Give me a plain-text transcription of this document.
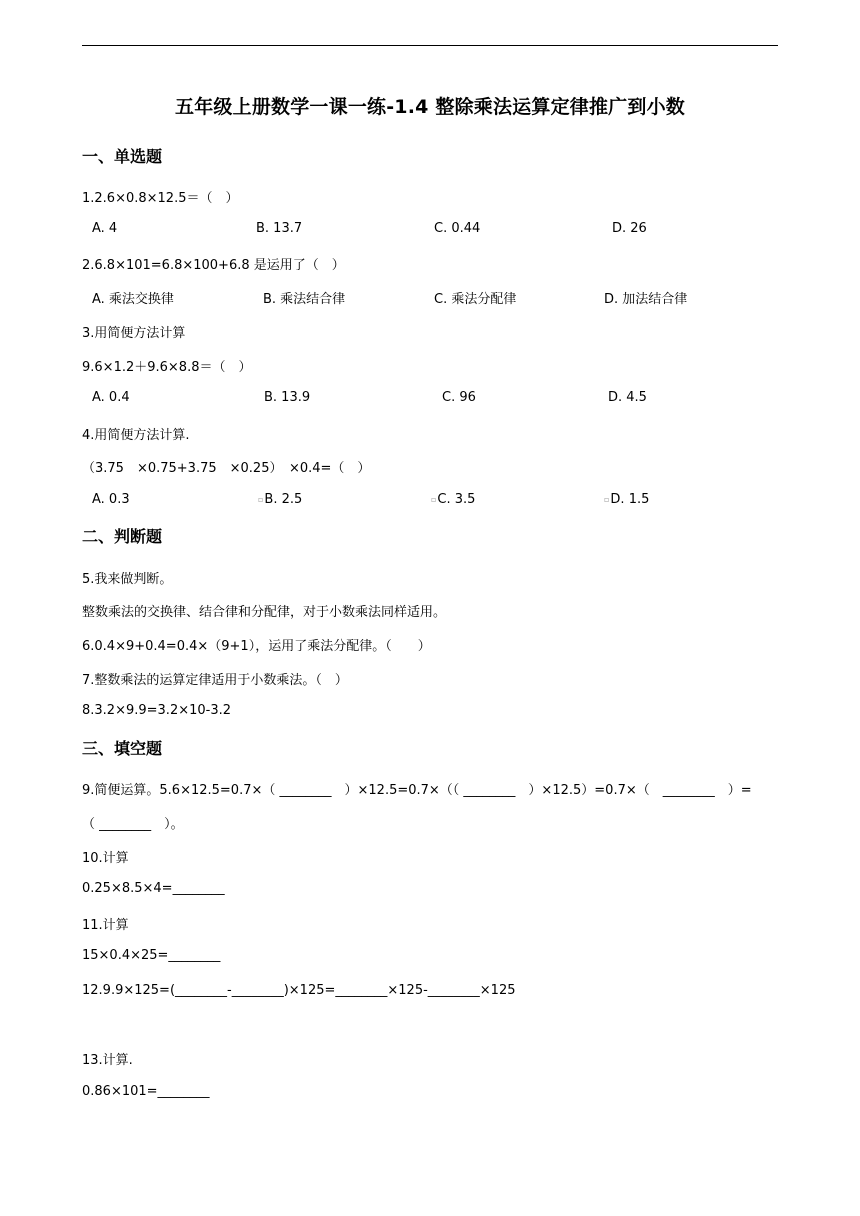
五年级上册数学一课一练-1.4 整除乘法运算定律推广到小数
一、单选题
1.2.6×0.8×12.5＝（　）
A. 4	B. 13.7	C. 0.44	D. 26
2.6.8×101=6.8×100+6.8 是运用了（　）
A. 乘法交换律	B. 乘法结合律	C. 乘法分配律	D. 加法结合律
3.用简便方法计算
9.6×1.2＋9.6×8.8＝（　）
A. 0.4	B. 13.9	C. 96	D. 4.5
4.用简便方法计算.
（3.75　×0.75+3.75　×0.25）　×0.4=（　）
A. 0.3	▫B. 2.5	▫C. 3.5	▫D. 1.5
二、判断题
5.我来做判断。
整数乘法的交换律、结合律和分配律，对于小数乘法同样适用。
6.0.4×9+0.4=0.4×（9+1），运用了乘法分配律。（　　）
7.整数乘法的运算定律适用于小数乘法。（　）
8.3.2×9.9=3.2×10-3.2
三、填空题
9.简便运算。5.6×12.5=0.7×（ ________　）×12.5=0.7×（（ ________　）×12.5）=0.7×（　________　）=
（ ________　）。
10.计算
0.25×8.5×4=________
11.计算
15×0.4×25=________
12.9.9×125=(________-________)×125=________×125-________×125
13.计算.
0.86×101=________
